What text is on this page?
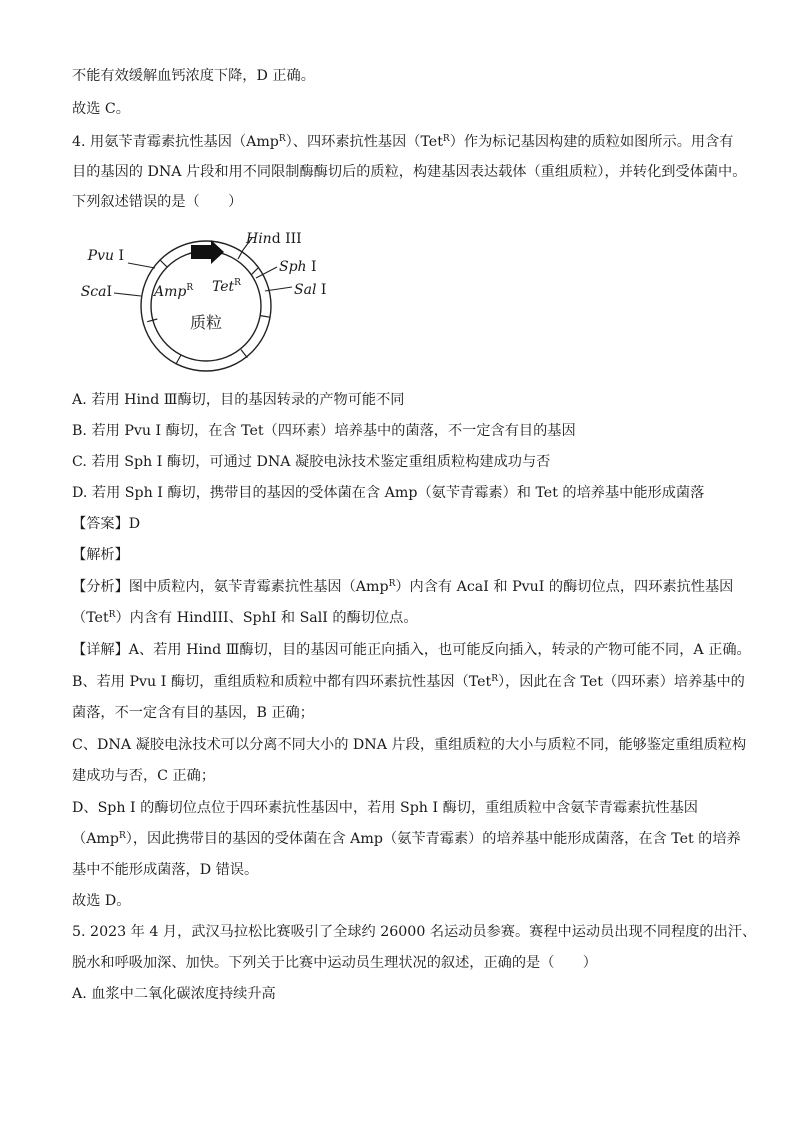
不能有效缓解血钙浓度下降，D 正确。
故选 C。
4. 用氨苄青霉素抗性基因（Amp$^R$）、四环素抗性基因（Tet$^R$）作为标记基因构建的质粒如图所示。用含有
目的基因的 DNA 片段和用不同限制酶酶切后的质粒，构建基因表达载体（重组质粒），并转化到受体菌中。
下列叙述错误的是（　　）
Pvu I
ScaI
Hind III
Sph I
Sal I
Amp$^R$ Tet$^R$
质粒
A. 若用 Hind Ⅲ酶切，目的基因转录的产物可能不同
B. 若用 Pvu I 酶切，在含 Tet（四环素）培养基中的菌落，不一定含有目的基因
C. 若用 Sph I 酶切，可通过 DNA 凝胶电泳技术鉴定重组质粒构建成功与否
D. 若用 Sph I 酶切，携带目的基因的受体菌在含 Amp（氨苄青霉素）和 Tet 的培养基中能形成菌落
【答案】D
【解析】
【分析】图中质粒内，氨苄青霉素抗性基因（Amp$^R$）内含有 AcaI 和 PvuI 的酶切位点，四环素抗性基因
（Tet$^R$）内含有 HindIII、SphI 和 SalI 的酶切位点。
【详解】A、若用 Hind Ⅲ酶切，目的基因可能正向插入，也可能反向插入，转录的产物可能不同，A 正确。
B、若用 Pvu I 酶切，重组质粒和质粒中都有四环素抗性基因（Tet$^R$），因此在含 Tet（四环素）培养基中的
菌落，不一定含有目的基因，B 正确；
C、DNA 凝胶电泳技术可以分离不同大小的 DNA 片段，重组质粒的大小与质粒不同，能够鉴定重组质粒构
建成功与否，C 正确；
D、Sph I 的酶切位点位于四环素抗性基因中，若用 Sph I 酶切，重组质粒中含氨苄青霉素抗性基因
（Amp$^R$），因此携带目的基因的受体菌在含 Amp（氨苄青霉素）的培养基中能形成菌落，在含 Tet 的培养
基中不能形成菌落，D 错误。
故选 D。
5. 2023 年 4 月，武汉马拉松比赛吸引了全球约 26000 名运动员参赛。赛程中运动员出现不同程度的出汗、
脱水和呼吸加深、加快。下列关于比赛中运动员生理状况的叙述，正确的是（　　）
A. 血浆中二氧化碳浓度持续升高
